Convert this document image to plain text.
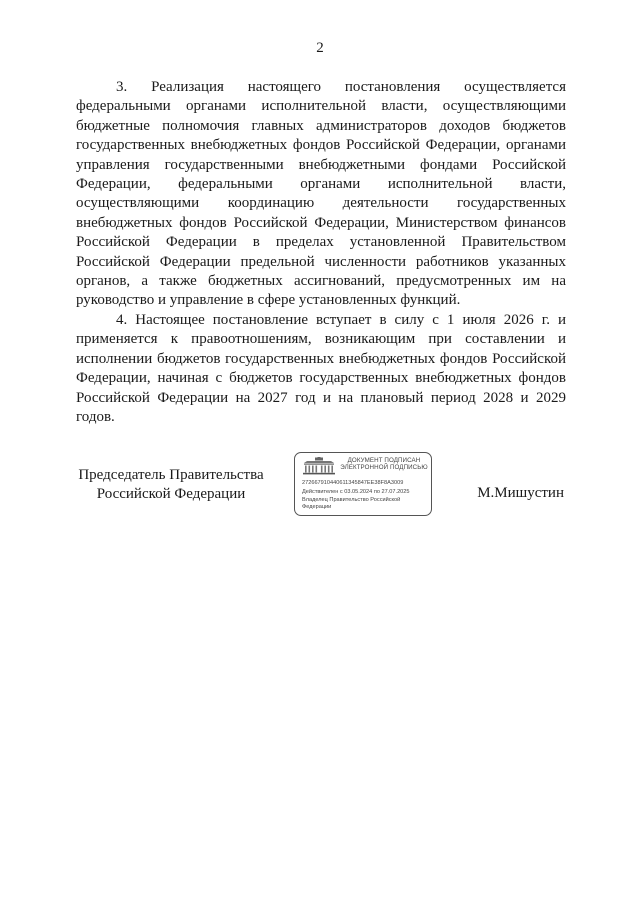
2

3. Реализация настоящего постановления осуществляется федеральными органами исполнительной власти, осуществляющими бюджетные полномочия главных администраторов доходов бюджетов государственных внебюджетных фондов Российской Федерации, органами управления государственными внебюджетными фондами Российской Федерации, федеральными органами исполнительной власти, осуществляющими координацию деятельности государственных внебюджетных фондов Российской Федерации, Министерством финансов Российской Федерации в пределах установленной Правительством Российской Федерации предельной численности работников указанных органов, а также бюджетных ассигнований, предусмотренных им на руководство и управление в сфере установленных функций.

4. Настоящее постановление вступает в силу с 1 июля 2026 г. и применяется к правоотношениям, возникающим при составлении и исполнении бюджетов государственных внебюджетных фондов Российской Федерации, начиная с бюджетов государственных внебюджетных фондов Российской Федерации на 2027 год и на плановый период 2028 и 2029 годов.

Председатель Правительства
Российской Федерации
ДОКУМЕНТ ПОДПИСАН
ЭЛЕКТРОННОЙ ПОДПИСЬЮ
272667910440611345847EE38F8A3009
Действителен с 03.05.2024 по 27.07.2025
Владелец Правительство Российской Федерации
М.Мишустин
